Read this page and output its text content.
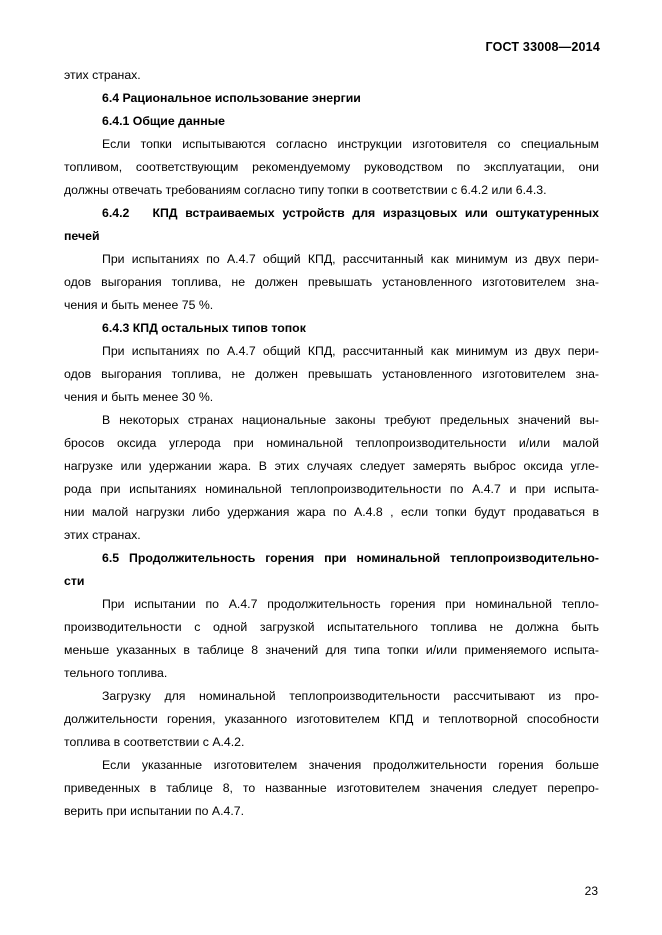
ГОСТ 33008—2014
этих странах.
6.4 Рациональное использование энергии
6.4.1 Общие данные
Если топки испытываются согласно инструкции изготовителя со специальным
топливом, соответствующим рекомендуемому руководством по эксплуатации, они
должны отвечать требованиям согласно типу топки в соответствии с 6.4.2 или 6.4.3.
6.4.2   КПД встраиваемых устройств для изразцовых или оштукатуренных
печей
При испытаниях по А.4.7 общий КПД, рассчитанный как минимум из двух пери-
одов выгорания топлива, не должен превышать установленного изготовителем зна-
чения и быть менее 75 %.
6.4.3 КПД остальных типов топок
При испытаниях по А.4.7 общий КПД, рассчитанный как минимум из двух пери-
одов выгорания топлива, не должен превышать установленного изготовителем зна-
чения и быть менее 30 %.
В некоторых странах национальные законы требуют предельных значений вы-
бросов оксида углерода при номинальной теплопроизводительности и/или малой
нагрузке или удержании жара. В этих случаях следует замерять выброс оксида угле-
рода при испытаниях номинальной теплопроизводительности по А.4.7 и при испыта-
нии малой нагрузки либо удержания жара по А.4.8 , если топки будут продаваться в
этих странах.
6.5 Продолжительность горения при номинальной теплопроизводительно-
сти
При испытании по А.4.7 продолжительность горения при номинальной тепло-
производительности с одной загрузкой испытательного топлива не должна быть
меньше указанных в таблице 8 значений для типа топки и/или применяемого испыта-
тельного топлива.
Загрузку для номинальной теплопроизводительности рассчитывают из про-
должительности горения, указанного изготовителем КПД и теплотворной способности
топлива в соответствии с А.4.2.
Если указанные изготовителем значения продолжительности горения больше
приведенных в таблице 8, то названные изготовителем значения следует перепро-
верить при испытании по А.4.7.
23
